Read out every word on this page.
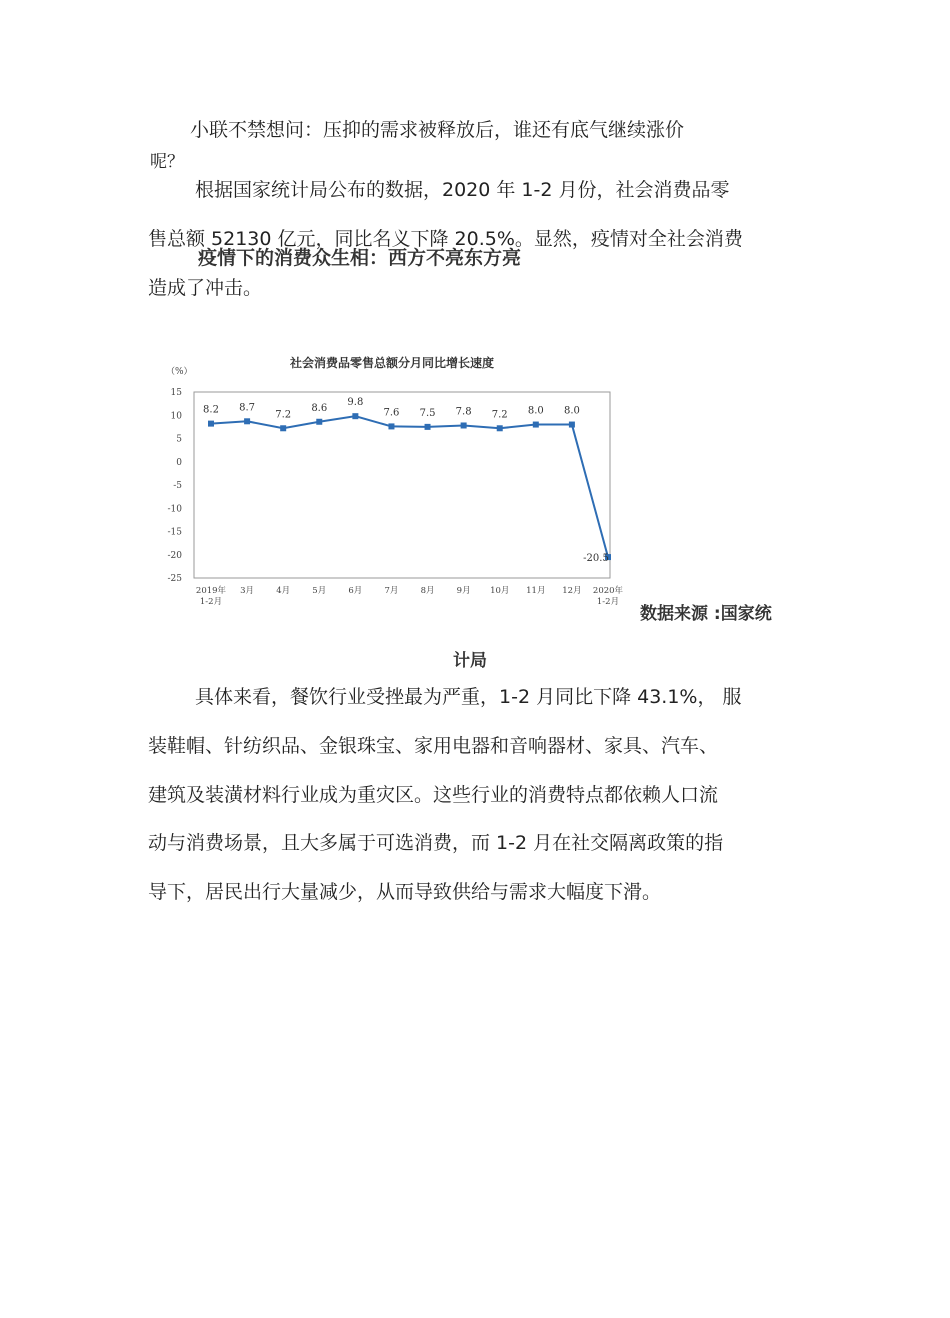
小联不禁想问：压抑的需求被释放后，谁还有底气继续涨价
呢？
根据国家统计局公布的数据，2020 年 1-2 月份，社会消费品零
售总额 52130 亿元，同比名义下降 20.5%。显然，疫情对全社会消费
疫情下的消费众生相：西方不亮东方亮
造成了冲击。
社会消费品零售总额分月同比增长速度
（%）
15
10
5
0
-5
-10
-15
-20
-25
2019年 1-2月
3月	4月	5月	6月	7月	8月	9月 10月 11月 12月 2020年 1-2月
8.2 8.7
7.2
8.6
9.8
7.6 7.5 7.8 7.2 8.0 8.0
-20.5
数据来源 :国家统
计局
具体来看，餐饮行业受挫最为严重，1-2 月同比下降 43.1%， 服
装鞋帽、针纺织品、金银珠宝、家用电器和音响器材、家具、汽车、
建筑及装潢材料行业成为重灾区。这些行业的消费特点都依赖人口流
动与消费场景，且大多属于可选消费，而 1-2 月在社交隔离政策的指
导下，居民出行大量减少，从而导致供给与需求大幅度下滑。
